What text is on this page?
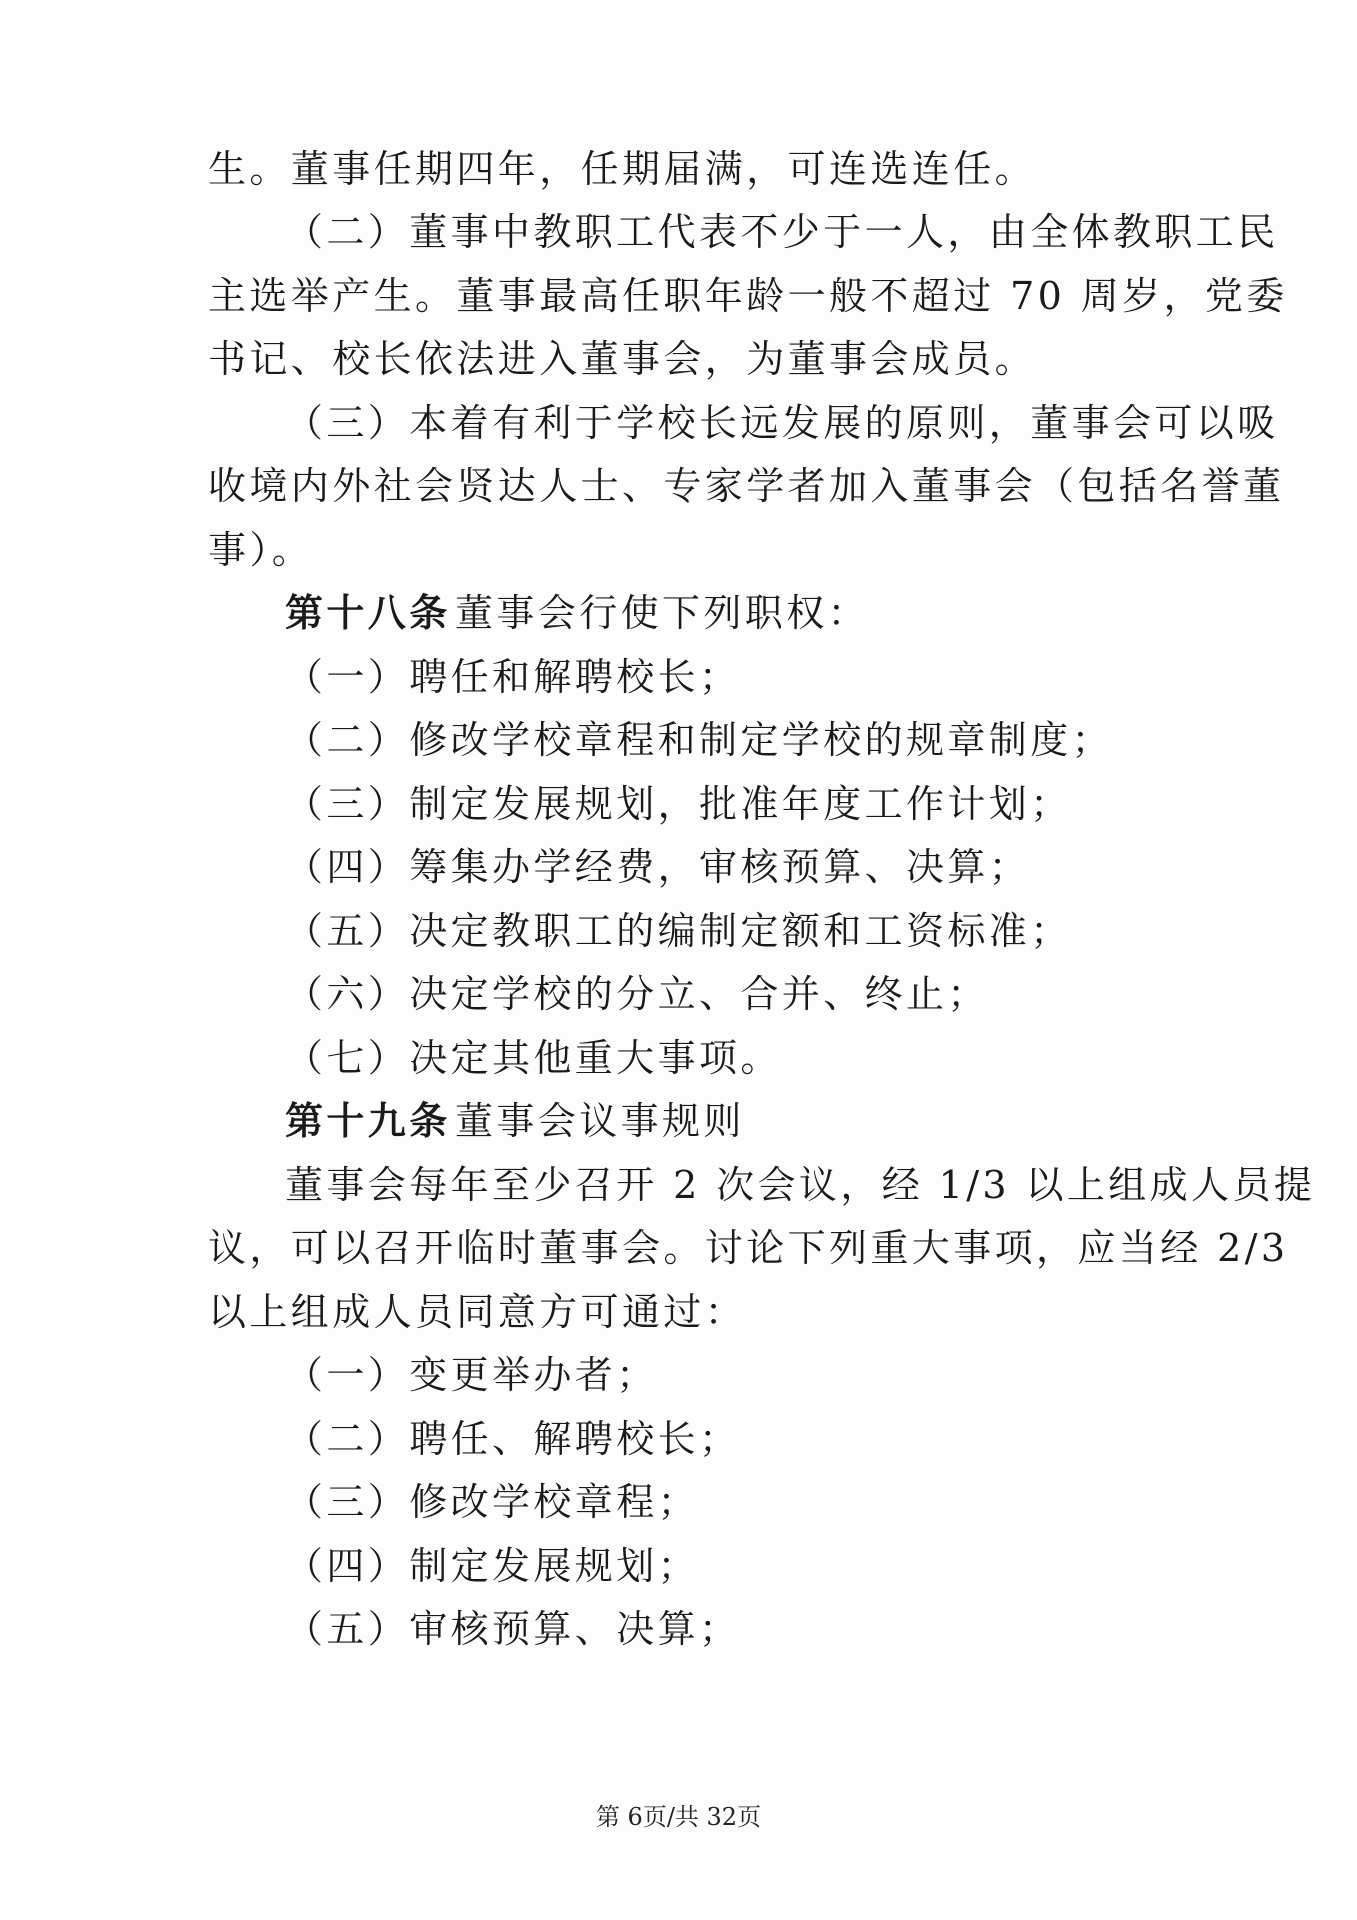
生。董事任期四年，任期届满，可连选连任。
（二）董事中教职工代表不少于一人，由全体教职工民
主选举产生。董事最高任职年龄一般不超过 70 周岁，党委
书记、校长依法进入董事会，为董事会成员。
（三）本着有利于学校长远发展的原则，董事会可以吸
收境内外社会贤达人士、专家学者加入董事会（包括名誉董
事）。
第十八条 董事会行使下列职权：
（一）聘任和解聘校长；
（二）修改学校章程和制定学校的规章制度；
（三）制定发展规划，批准年度工作计划；
（四）筹集办学经费，审核预算、决算；
（五）决定教职工的编制定额和工资标准；
（六）决定学校的分立、合并、终止；
（七）决定其他重大事项。
第十九条 董事会议事规则
董事会每年至少召开 2 次会议，经 1/3 以上组成人员提
议，可以召开临时董事会。讨论下列重大事项，应当经 2/3
以上组成人员同意方可通过：
（一）变更举办者；
（二）聘任、解聘校长；
（三）修改学校章程；
（四）制定发展规划；
（五）审核预算、决算；
第 6页/共 32页
